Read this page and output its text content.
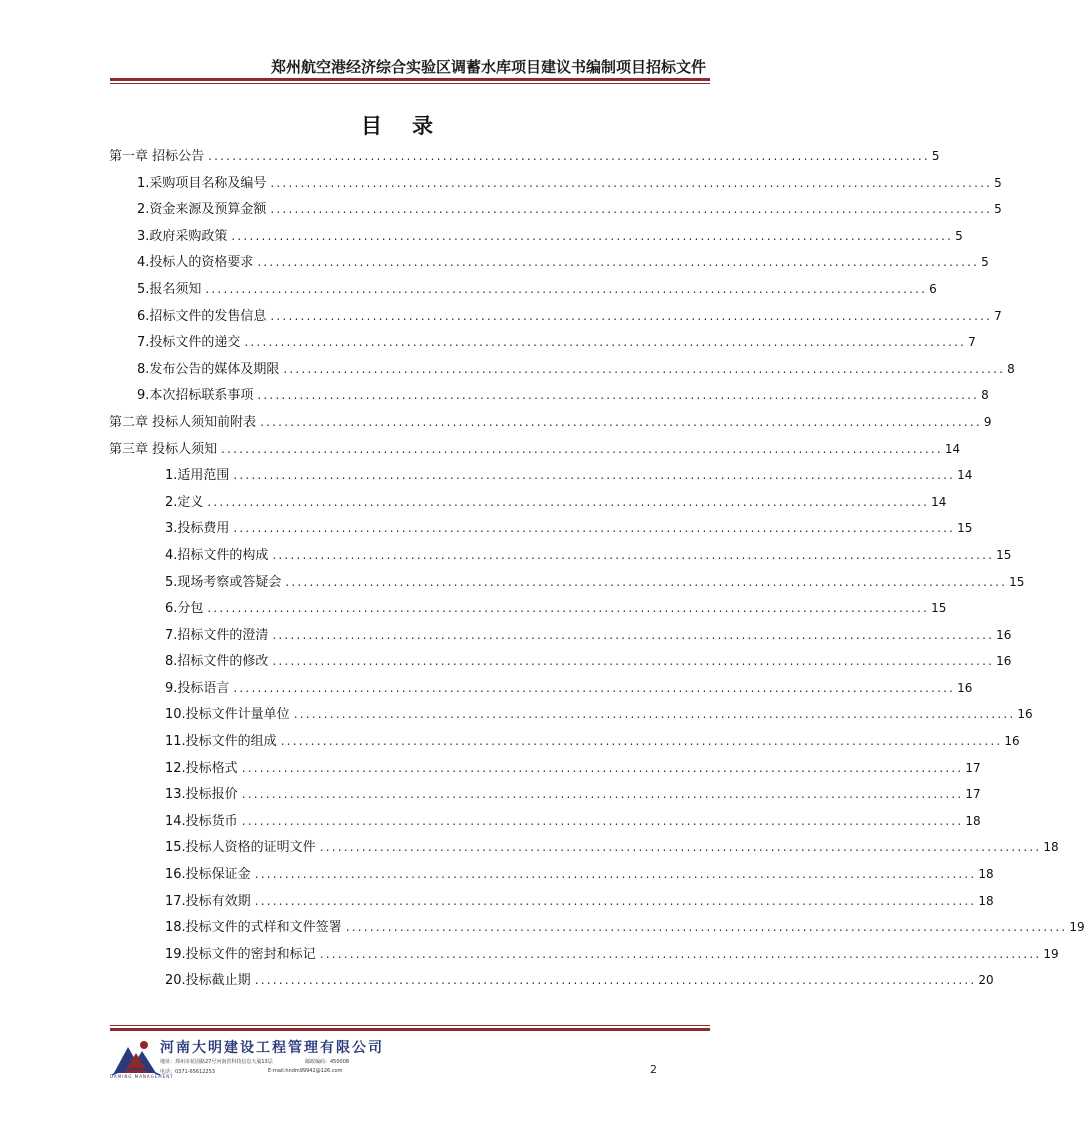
郑州航空港经济综合实验区调蓄水库项目建议书编制项目招标文件
目 录
第一章 招标公告 ........................................................................................................................ 5
1.采购项目名称及编号 ........................................................................................................................ 5
2.资金来源及预算金额 ........................................................................................................................ 5
3.政府采购政策 ........................................................................................................................ 5
4.投标人的资格要求 ........................................................................................................................ 5
5.报名须知 ........................................................................................................................ 6
6.招标文件的发售信息 ........................................................................................................................ 7
7.投标文件的递交 ........................................................................................................................ 7
8.发布公告的媒体及期限 ........................................................................................................................ 8
9.本次招标联系事项 ........................................................................................................................ 8
第二章 投标人须知前附表 ........................................................................................................................ 9
第三章 投标人须知 ........................................................................................................................ 14
1.适用范围 ........................................................................................................................ 14
2.定义 ........................................................................................................................ 14
3.投标费用 ........................................................................................................................ 15
4.招标文件的构成 ........................................................................................................................ 15
5.现场考察或答疑会 ........................................................................................................................ 15
6.分包 ........................................................................................................................ 15
7.招标文件的澄清 ........................................................................................................................ 16
8.招标文件的修改 ........................................................................................................................ 16
9.投标语言 ........................................................................................................................ 16
10.投标文件计量单位 ........................................................................................................................ 16
11.投标文件的组成 ........................................................................................................................ 16
12.投标格式 ........................................................................................................................ 17
13.投标报价 ........................................................................................................................ 17
14.投标货币 ........................................................................................................................ 18
15.投标人资格的证明文件 ........................................................................................................................ 18
16.投标保证金 ........................................................................................................................ 18
17.投标有效期 ........................................................................................................................ 18
18.投标文件的式样和文件签署 ........................................................................................................................ 19
19.投标文件的密封和标记 ........................................................................................................................ 19
20.投标截止期 ........................................................................................................................ 20
DAMING MANAGEMENT
河南大明建设工程管理有限公司
地址：郑州市花园路27号河南省科技信息大厦13层	邮政编码：450008
电话：0371-65612253	E-mail:hndm99942@126.com	2
